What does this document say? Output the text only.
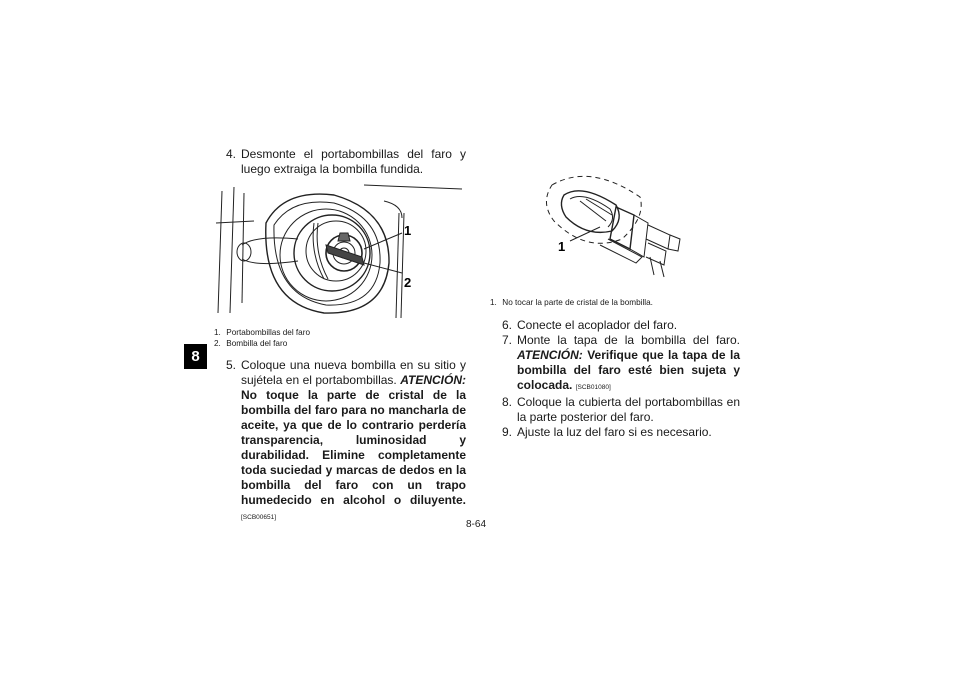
8
4. Desmonte el portabombillas del faro y luego extraiga la bombilla fundida.
1
2
1. Portabombillas del faro
2. Bombilla del faro
5. Coloque una nueva bombilla en su sitio y sujétela en el portabombillas. ATENCIÓN: No toque la parte de cristal de la bombilla del faro para no mancharla de aceite, ya que de lo contrario perdería transparencia, luminosidad y durabilidad. Elimine completamente toda suciedad y marcas de dedos en la bombilla del faro con un trapo humedecido en alcohol o diluyente. [SCB00651]
1
1. No tocar la parte de cristal de la bombilla.
6. Conecte el acoplador del faro.
7. Monte la tapa de la bombilla del faro. ATENCIÓN: Verifique que la tapa de la bombilla del faro esté bien sujeta y colocada. [SCB01080]
8. Coloque la cubierta del portabombillas en la parte posterior del faro.
9. Ajuste la luz del faro si es necesario.
8-64
